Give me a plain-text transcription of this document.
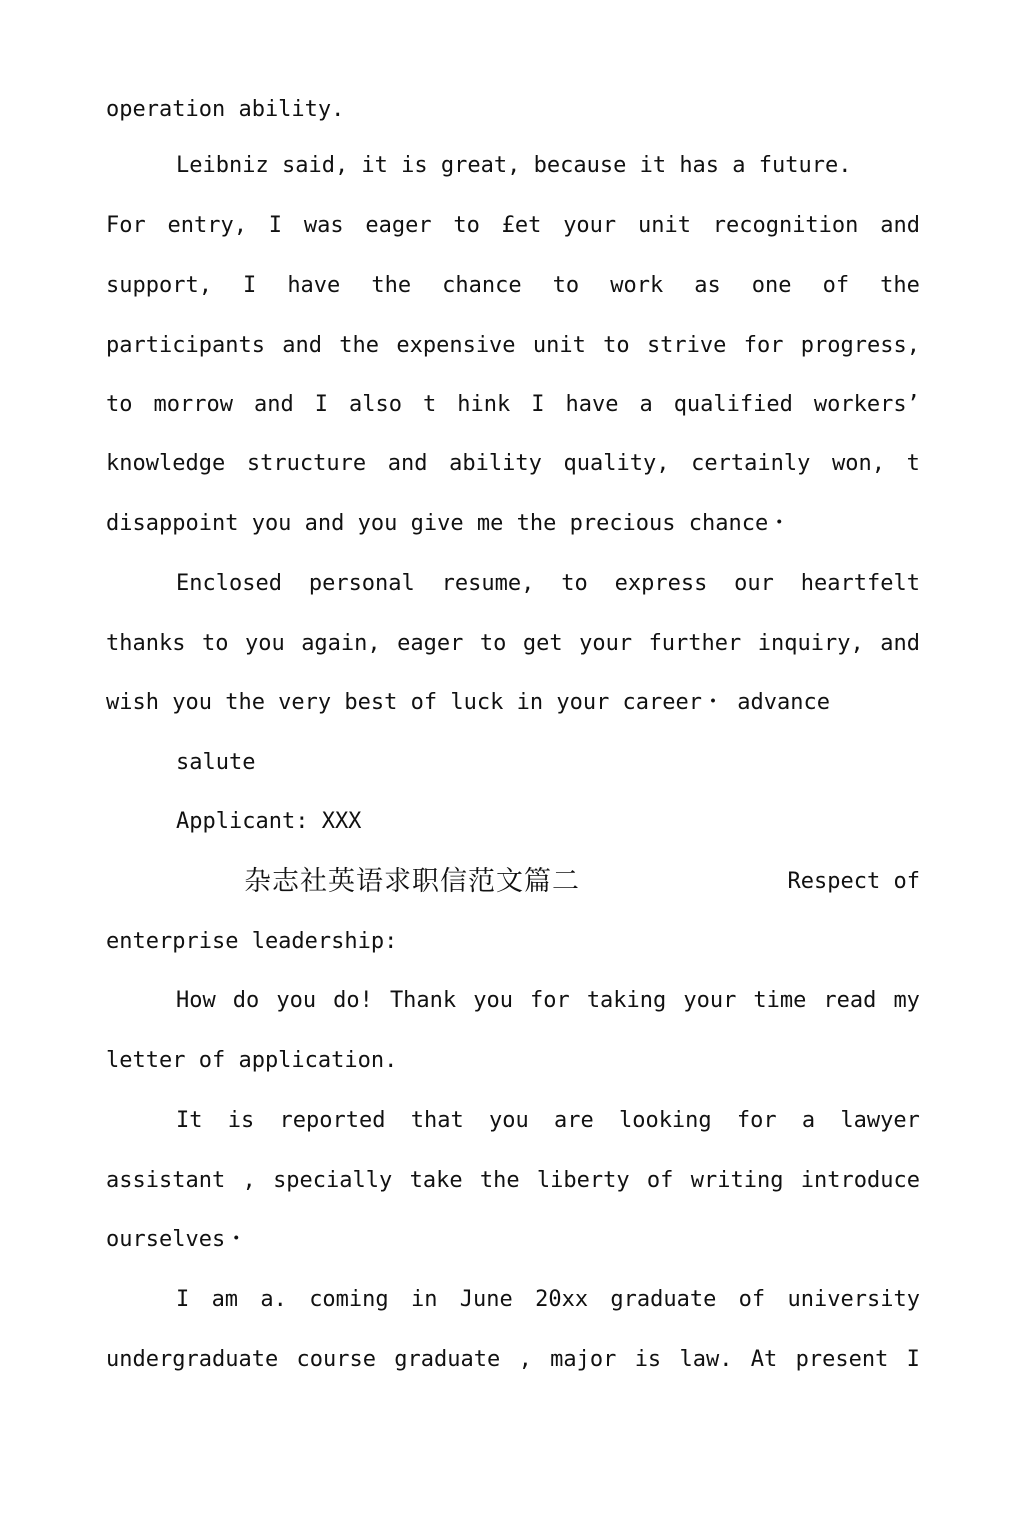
operation ability.
Leibniz said, it is great, because it has a future.
For entry, I was eager to £et your unit recognition and
support, I have the chance to work as one of the
participants and the expensive unit to strive for progress,
to morrow and I also t hink I have a qualified workers’
knowledge structure and ability quality, certainly won, t
disappoint you and you give me the precious chance・
Enclosed personal resume, to express our heartfelt
thanks to you again, eager to get your further inquiry, and
wish you the very best of luck in your career・ advance
salute
Applicant: XXX
杂志社英语求职信范文篇二	Respect of
enterprise leadership:
How do you do! Thank you for taking your time read my
letter of application.
It is reported that you are looking for a lawyer
assistant , specially take the liberty of writing introduce
ourselves・
I am a. coming in June 20xx graduate of university
undergraduate course graduate , major is law. At present I
